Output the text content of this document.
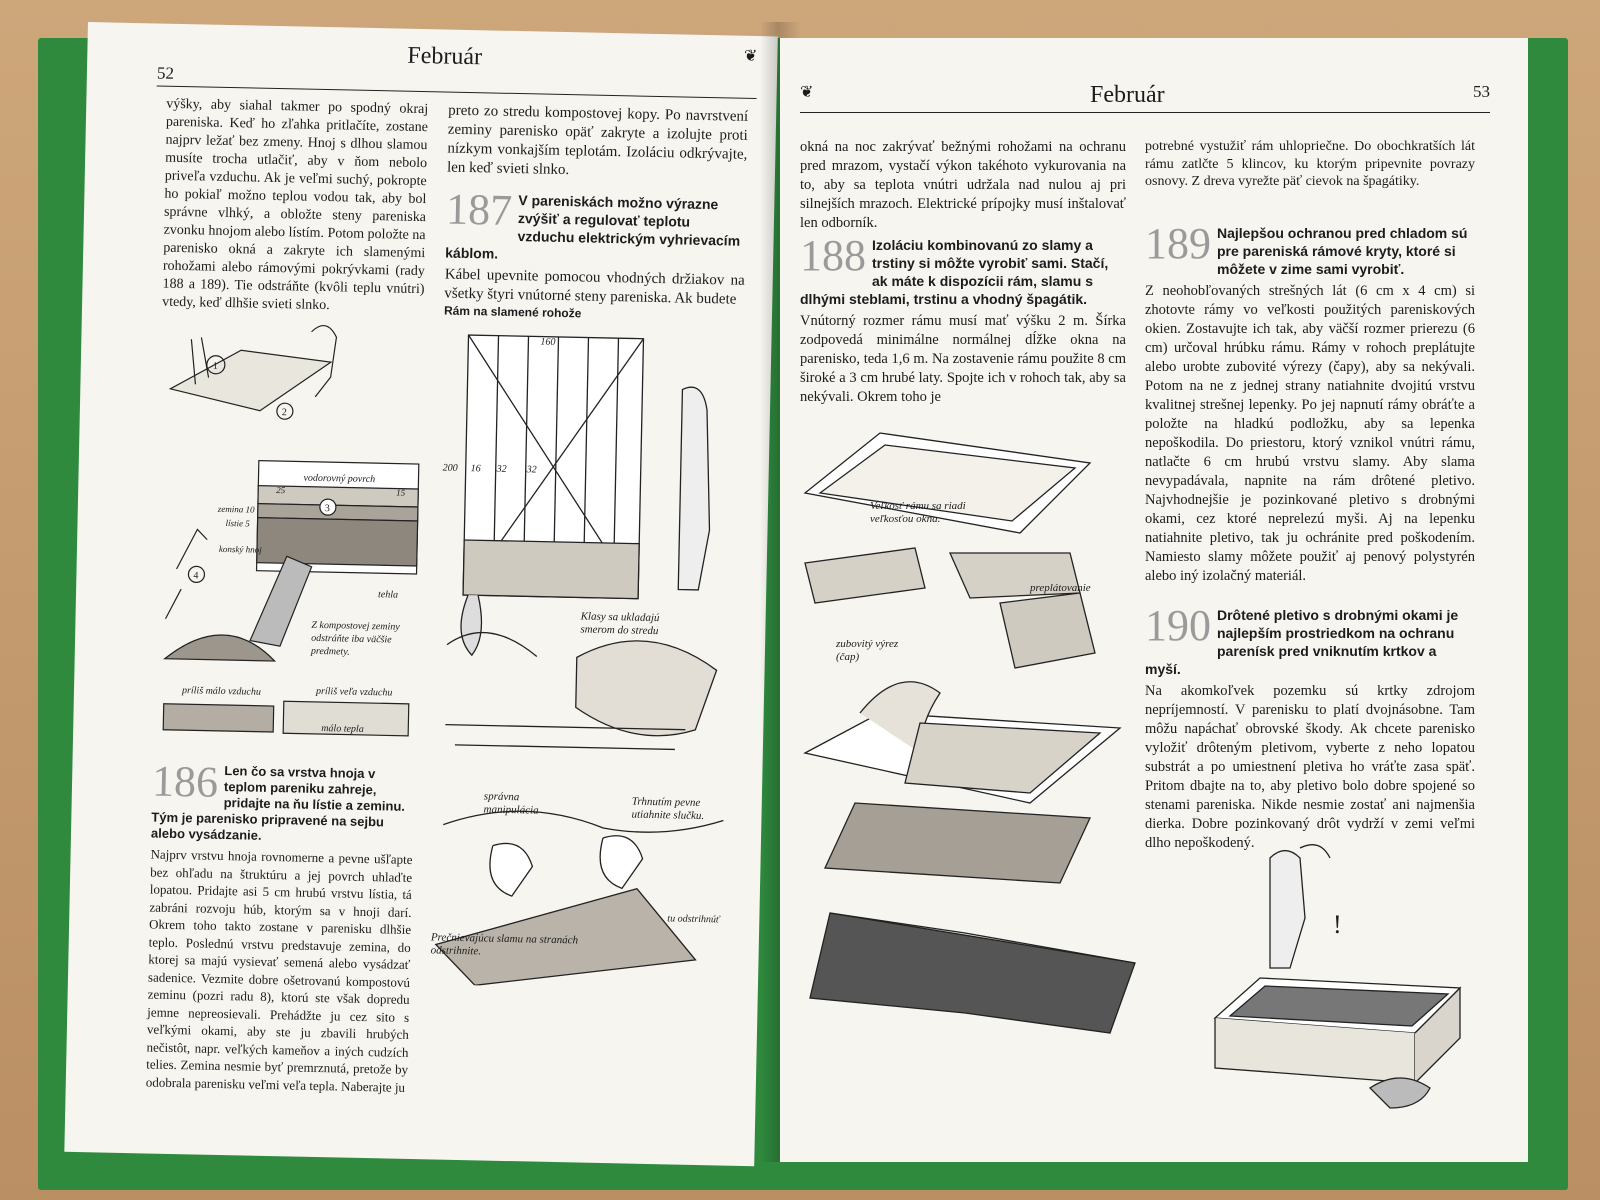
52
Február	❦
výšky, aby siahal takmer po spodný okraj pareniska. Keď ho zľahka pritlačíte, zostane najprv ležať bez zmeny. Hnoj s dlhou slamou musíte trocha utlačiť, aby v ňom nebolo priveľa vzduchu. Ak je veľmi suchý, pokropte ho pokiaľ možno teplou vodou tak, aby bol správne vlhký, a obložte steny pareniska zvonku hnojom alebo lístím. Potom položte na parenisko okná a zakryte ich slamenými rohožami alebo rámovými pokrývkami (rady 188 a 189). Tie odstráňte (kvôli teplu vnútri) vtedy, keď dlhšie svieti slnko.
1
2
3
4
vodorovný povrch
25	15
zemina 10
lístie 5
konský hnoj
tehla
Z kompostovej zeminy odstráňte iba väčšie predmety.
príliš málo vzduchu	príliš veľa vzduchu
málo tepla
186 Len čo sa vrstva hnoja v teplom pareniku zahreje, pridajte na ňu lístie a zeminu. Tým je parenisko pripravené na sejbu alebo vysádzanie.
Najprv vrstvu hnoja rovnomerne a pevne ušľapte bez ohľadu na štruktúru a jej povrch uhlaďte lopatou. Pridajte asi 5 cm hrubú vrstvu lístia, tá zabráni rozvoju húb, ktorým sa v hnoji darí. Okrem toho takto zostane v parenisku dlhšie teplo. Poslednú vrstvu predstavuje zemina, do ktorej sa majú vysievať semená alebo vysádzať sadenice. Vezmite dobre ošetrovanú kompostovú zeminu (pozri radu 8), ktorú ste však dopredu jemne nepreosievali. Prehádžte ju cez sito s veľkými okami, aby ste ju zbavili hrubých nečistôt, napr. veľkých kameňov a iných cudzích telies. Zemina nesmie byť premrznutá, pretože by odobrala parenisku veľmi veľa tepla. Naberajte ju
preto zo stredu kompostovej kopy. Po navrstvení zeminy parenisko opäť zakryte a izolujte proti nízkym vonkajším teplotám. Izoláciu odkrývajte, len keď svieti slnko.
187 V pareniskách možno výrazne zvýšiť a regulovať teplotu vzduchu elektrickým vyhrievacím káblom.
Kábel upevnite pomocou vhodných držiakov na všetky štyri vnútorné steny pareniska. Ak budete
Rám na slamené rohože
160
200 16 32 32
Klasy sa ukladajú smerom do stredu
správna manipulácia
Trhnutím pevne utiahnite slučku.
tu odstrihnúť
Prečnievajúcu slamu na stranách odstrihnite.
❦	Február	53
okná na noc zakrývať bežnými rohožami na ochranu pred mrazom, vystačí výkon takéhoto vykurovania na to, aby sa teplota vnútri udržala nad nulou aj pri silnejších mrazoch. Elektrické prípojky musí inštalovať len odborník.
188 Izoláciu kombinovanú zo slamy a trstiny si môžte vyrobiť sami. Stačí, ak máte k dispozícii rám, slamu s dlhými steblami, trstinu a vhodný špagátik.
Vnútorný rozmer rámu musí mať výšku 2 m. Šírka zodpovedá minimálne normálnej dĺžke okna na parenisko, teda 1,6 m. Na zostavenie rámu použite 8 cm široké a 3 cm hrubé laty. Spojte ich v rohoch tak, aby sa nekývali. Okrem toho je
Veľkosť rámu sa riadi veľkosťou okna.
preplátovanie
zubovitý výrez (čap)
potrebné vystužiť rám uhlopriečne. Do obochkratších lát rámu zatlčte 5 klincov, ku ktorým pripevnite povrazy osnovy. Z dreva vyrežte päť cievok na špagátiky.
189 Najlepšou ochranou pred chladom sú pre pareniská rámové kryty, ktoré si môžete v zime sami vyrobiť.
Z neohobľovaných strešných lát (6 cm x 4 cm) si zhotovte rámy vo veľkosti použitých pareniskových okien. Zostavujte ich tak, aby väčší rozmer prierezu (6 cm) určoval hrúbku rámu. Rámy v rohoch preplátujte alebo urobte zubovité výrezy (čapy), aby sa nekývali. Potom na ne z jednej strany natiahnite dvojitú vrstvu kvalitnej strešnej lepenky. Po jej napnutí rámy obráťte a položte na hladkú podložku, aby sa lepenka nepoškodila. Do priestoru, ktorý vznikol vnútri rámu, natlačte 6 cm hrubú vrstvu slamy. Aby slama nevypadávala, napnite na rám drôtené pletivo. Najvhodnejšie je pozinkované pletivo s drobnými okami, cez ktoré neprelezú myši. Aj na lepenku natiahnite pletivo, tak ju ochránite pred poškodením. Namiesto slamy môžete použiť aj penový polystyrén alebo iný izolačný materiál.
190 Drôtené pletivo s drobnými okami je najlepším prostriedkom na ochranu parenísk pred vniknutím krtkov a myší.
Na akomkoľvek pozemku sú krtky zdrojom nepríjemností. V parenisku to platí dvojnásobne. Tam môžu napáchať obrovské škody. Ak chcete parenisko vyložiť drôteným pletivom, vyberte z neho lopatou substrát a po umiestnení pletiva ho vráťte zasa späť. Pritom dbajte na to, aby pletivo bolo dobre spojené so stenami pareniska. Nikde nesmie zostať ani najmenšia dierka. Dobre pozinkovaný drôt vydrží v zemi veľmi dlho nepoškodený.
!
